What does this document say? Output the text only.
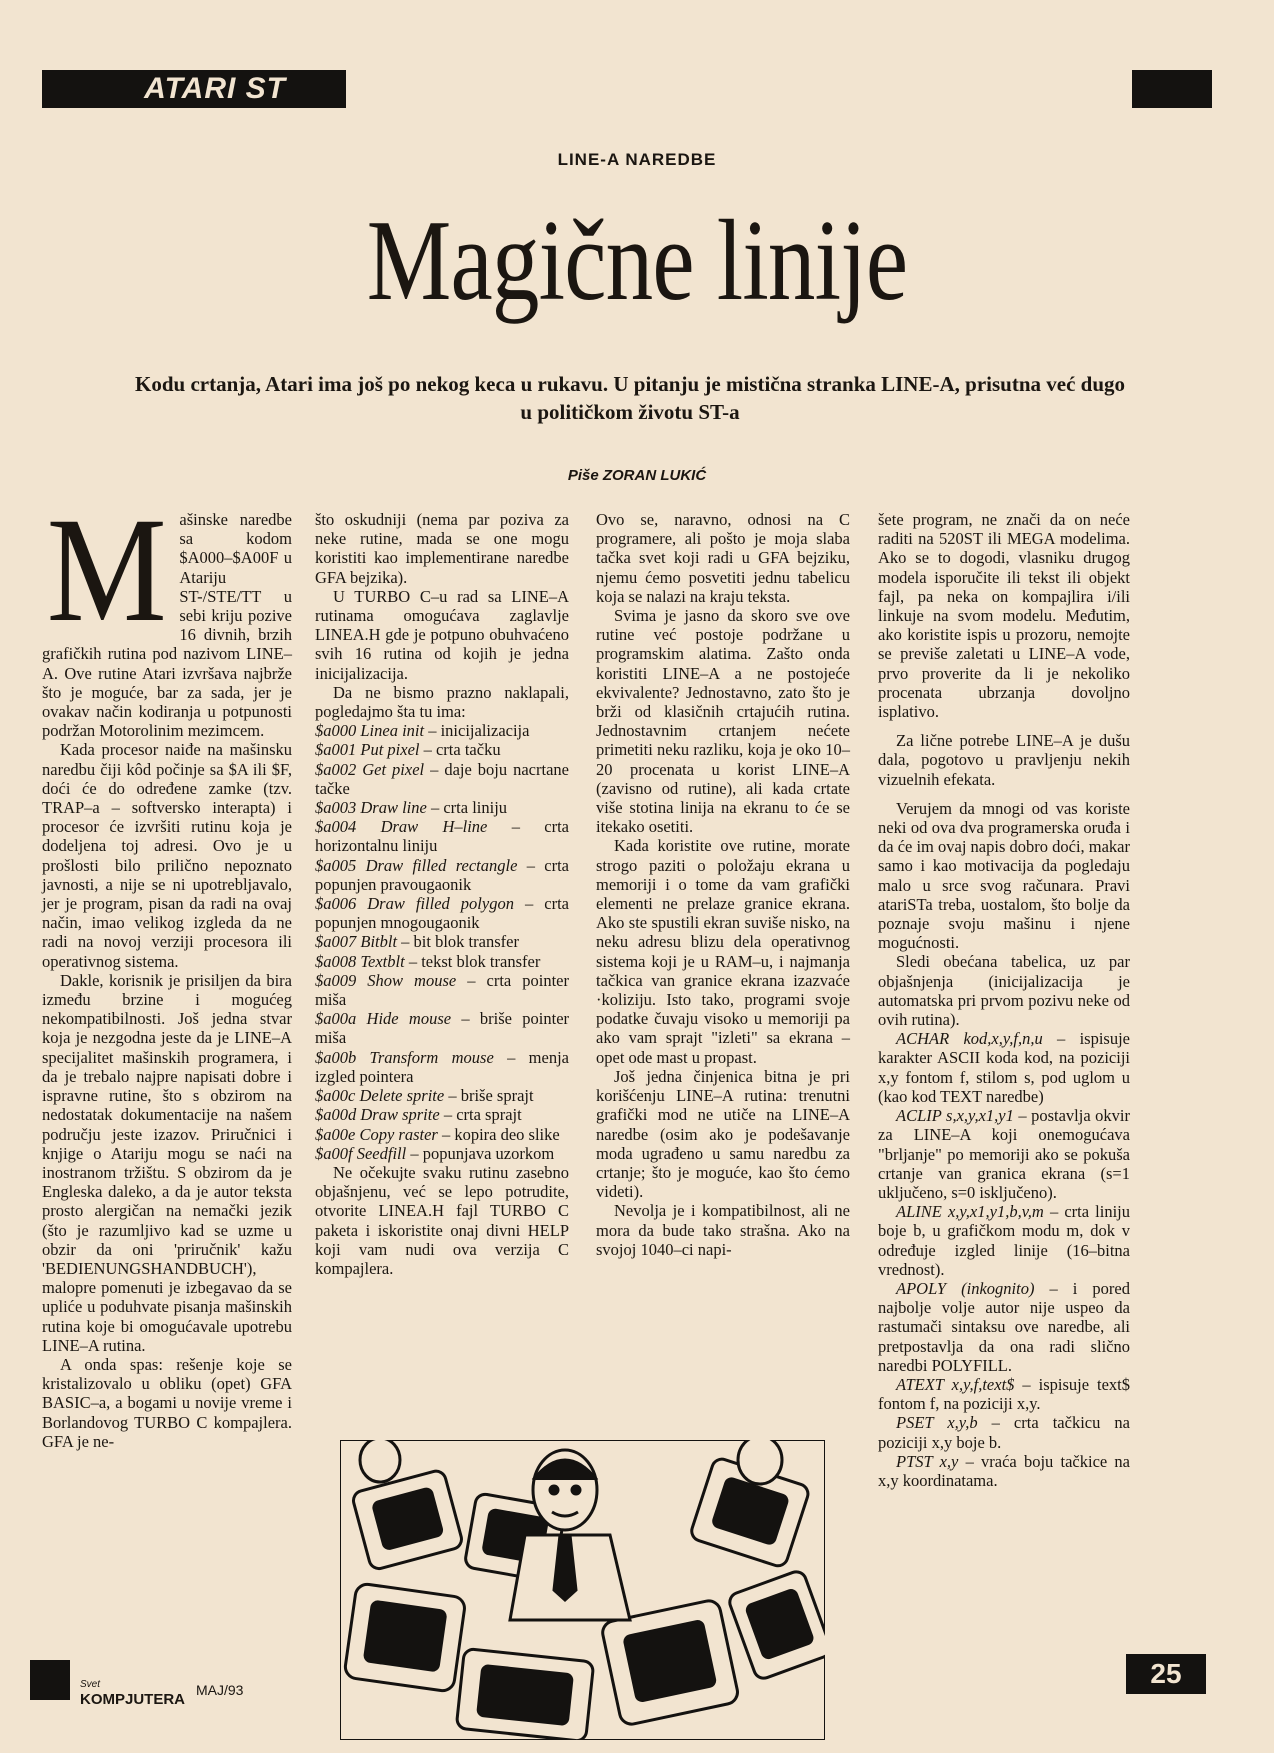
ATARI ST
LINE-A NAREDBE
Magične linije
Kodu crtanja, Atari ima još po nekog keca u rukavu. U pitanju je mistična stranka LINE-A, prisutna već dugo u političkom životu ST-a
Piše ZORAN LUKIĆ

Mašinske naredbe sa kodom $A000–$A00F u Atariju ST-/STE/TT u sebi kriju pozive 16 divnih, brzih grafičkih rutina pod nazivom LINE–A. Ove rutine Atari izvršava najbrže što je moguće, bar za sada, jer je ovakav način kodiranja u potpunosti podržan Motorolinim mezimcem.

Kada procesor naiđe na mašinsku naredbu čiji kôd počinje sa $A ili $F, doći će do određene zamke (tzv. TRAP–a – softversko interapta) i procesor će izvršiti rutinu koja je dodeljena toj adresi. Ovo je u prošlosti bilo prilično nepoznato javnosti, a nije se ni upotrebljavalo, jer je program, pisan da radi na ovaj način, imao velikog izgleda da ne radi na novoj verziji procesora ili operativnog sistema.

Dakle, korisnik je prisiljen da bira između brzine i mogućeg nekompatibilnosti. Još jedna stvar koja je nezgodna jeste da je LINE–A specijalitet mašinskih programera, i da je trebalo najpre napisati dobre i ispravne rutine, što s obzirom na nedostatak dokumentacije na našem području jeste izazov. Priručnici i knjige o Atariju mogu se naći na inostranom tržištu. S obzirom da je Engleska daleko, a da je autor teksta prosto alergičan na nemački jezik (što je razumljivo kad se uzme u obzir da oni 'priručnik' kažu 'BEDIENUNGSHANDBUCH'), malopre pomenuti je izbegavao da se upliće u poduhvate pisanja mašinskih rutina koje bi omogućavale upotrebu LINE–A rutina.

A onda spas: rešenje koje se kristalizovalo u obliku (opet) GFA BASIC–a, a bogami u novije vreme i Borlandovog TURBO C kompajlera. GFA je ne-

što oskudniji (nema par poziva za neke rutine, mada se one mogu koristiti kao implementirane naredbe GFA bejzika).

U TURBO C–u rad sa LINE–A rutinama omogućava zaglavlje LINEA.H gde je potpuno obuhvaćeno svih 16 rutina od kojih je jedna inicijalizacija.

Da ne bismo prazno naklapali, pogledajmo šta tu ima:

$a000 Linea init – inicijalizacija

$a001 Put pixel – crta tačku

$a002 Get pixel – daje boju nacrtane tačke

$a003 Draw line – crta liniju

$a004 Draw H–line – crta horizontalnu liniju

$a005 Draw filled rectangle – crta popunjen pravougaonik

$a006 Draw filled polygon – crta popunjen mnogougaonik

$a007 Bitblt – bit blok transfer

$a008 Textblt – tekst blok transfer

$a009 Show mouse – crta pointer miša

$a00a Hide mouse – briše pointer miša

$a00b Transform mouse – menja izgled pointera

$a00c Delete sprite – briše sprajt

$a00d Draw sprite – crta sprajt

$a00e Copy raster – kopira deo slike

$a00f Seedfill – popunjava uzorkom

Ne očekujte svaku rutinu zasebno objašnjenu, već se lepo potrudite, otvorite LINEA.H fajl TURBO C paketa i iskoristite onaj divni HELP koji vam nudi ova verzija C kompajlera.

Ovo se, naravno, odnosi na C programere, ali pošto je moja slaba tačka svet koji radi u GFA bejziku, njemu ćemo posvetiti jednu tabelicu koja se nalazi na kraju teksta.

Svima je jasno da skoro sve ove rutine već postoje podržane u programskim alatima. Zašto onda koristiti LINE–A a ne postojeće ekvivalente? Jednostavno, zato što je brži od klasičnih crtajućih rutina. Jednostavnim crtanjem nećete primetiti neku razliku, koja je oko 10–20 procenata u korist LINE–A (zavisno od rutine), ali kada crtate više stotina linija na ekranu to će se itekako osetiti.

Kada koristite ove rutine, morate strogo paziti o položaju ekrana u memoriji i o tome da vam grafički elementi ne prelaze granice ekrana. Ako ste spustili ekran suviše nisko, na neku adresu blizu dela operativnog sistema koji je u RAM–u, i najmanja tačkica van granice ekrana izazvaće ·koliziju. Isto tako, programi svoje podatke čuvaju visoko u memoriji pa ako vam sprajt "izleti" sa ekrana – opet ode mast u propast.

Još jedna činjenica bitna je pri korišćenju LINE–A rutina: trenutni grafički mod ne utiče na LINE–A naredbe (osim ako je podešavanje moda ugrađeno u samu naredbu za crtanje; što je moguće, kao što ćemo videti).

Nevolja je i kompatibilnost, ali ne mora da bude tako strašna. Ako na svojoj 1040–ci napi-

šete program, ne znači da on neće raditi na 520ST ili MEGA modelima. Ako se to dogodi, vlasniku drugog modela isporučite ili tekst ili objekt fajl, pa neka on kompajlira i/ili linkuje na svom modelu. Međutim, ako koristite ispis u prozoru, nemojte se previše zaletati u LINE–A vode, prvo proverite da li je nekoliko procenata ubrzanja dovoljno isplativo.

Za lične potrebe LINE–A je dušu dala, pogotovo u pravljenju nekih vizuelnih efekata.

Verujem da mnogi od vas koriste neki od ova dva programerska oruđa i da će im ovaj napis dobro doći, makar samo i kao motivacija da pogledaju malo u srce svog računara. Pravi atariSTa treba, uostalom, što bolje da poznaje svoju mašinu i njene mogućnosti.

Sledi obećana tabelica, uz par objašnjenja (inicijalizacija je automatska pri prvom pozivu neke od ovih rutina).

ACHAR kod,x,y,f,n,u – ispisuje karakter ASCII koda kod, na poziciji x,y fontom f, stilom s, pod uglom u (kao kod TEXT naredbe)

ACLIP s,x,y,x1,y1 – postavlja okvir za LINE–A koji onemogućava "brljanje" po memoriji ako se pokuša crtanje van granica ekrana (s=1 uključeno, s=0 isključeno).

ALINE x,y,x1,y1,b,v,m – crta liniju boje b, u grafičkom modu m, dok v određuje izgled linije (16–bitna vrednost).

APOLY (inkognito) – i pored najbolje volje autor nije uspeo da rastumači sintaksu ove naredbe, ali pretpostavlja da ona radi slično naredbi POLYFILL.

ATEXT x,y,f,text$ – ispisuje text$ fontom f, na poziciji x,y.

PSET x,y,b – crta tačkicu na poziciji x,y boje b.

PTST x,y – vraća boju tačkice na x,y koordinatama.

Svet
KOMPJUTERA
MAJ/93
25
